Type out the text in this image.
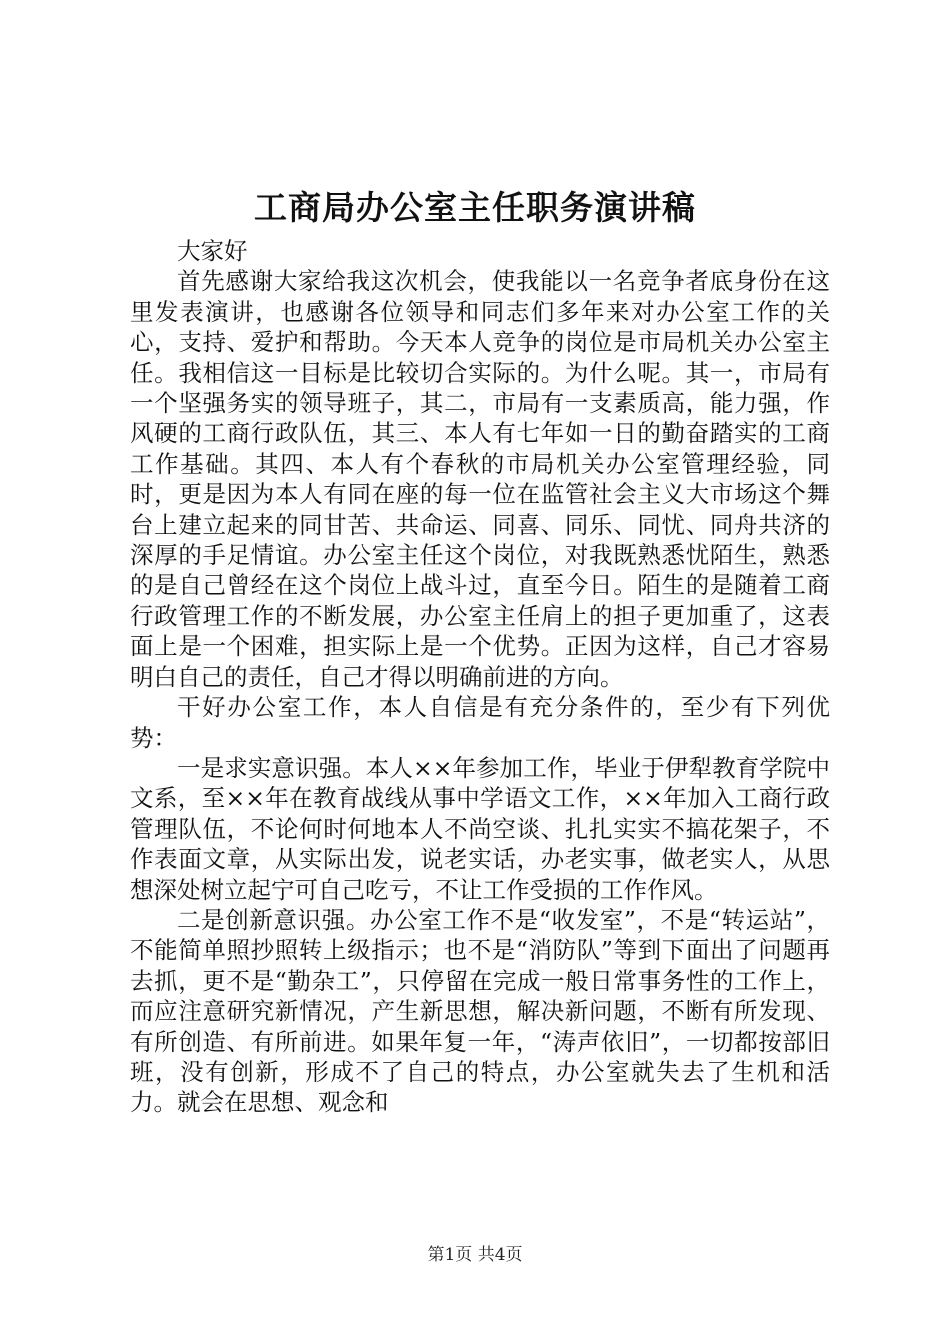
工商局办公室主任职务演讲稿

大家好

首先感谢大家给我这次机会，使我能以一名竞争者底身份在这里发表演讲，也感谢各位领导和同志们多年来对办公室工作的关心，支持、爱护和帮助。今天本人竞争的岗位是市局机关办公室主任。我相信这一目标是比较切合实际的。为什么呢。其一，市局有一个坚强务实的领导班子，其二，市局有一支素质高，能力强，作风硬的工商行政队伍，其三、本人有七年如一日的勤奋踏实的工商工作基础。其四、本人有个春秋的市局机关办公室管理经验，同时，更是因为本人有同在座的每一位在监管社会主义大市场这个舞台上建立起来的同甘苦、共命运、同喜、同乐、同忧、同舟共济的深厚的手足情谊。办公室主任这个岗位，对我既熟悉忧陌生，熟悉的是自己曾经在这个岗位上战斗过，直至今日。陌生的是随着工商行政管理工作的不断发展，办公室主任肩上的担子更加重了，这表面上是一个困难，担实际上是一个优势。正因为这样，自己才容易明白自己的责任，自己才得以明确前进的方向。

干好办公室工作，本人自信是有充分条件的，至少有下列优势：

一是求实意识强。本人××年参加工作，毕业于伊犁教育学院中文系，至××年在教育战线从事中学语文工作，××年加入工商行政管理队伍，不论何时何地本人不尚空谈、扎扎实实不搞花架子，不作表面文章，从实际出发，说老实话，办老实事，做老实人，从思想深处树立起宁可自己吃亏，不让工作受损的工作作风。

二是创新意识强。办公室工作不是“收发室”，不是“转运站”，不能简单照抄照转上级指示；也不是“消防队”等到下面出了问题再去抓，更不是“勤杂工”，只停留在完成一般日常事务性的工作上，而应注意研究新情况，产生新思想，解决新问题，不断有所发现、有所创造、有所前进。如果年复一年，“涛声依旧”，一切都按部旧班，没有创新，形成不了自己的特点，办公室就失去了生机和活力。就会在思想、观念和

第1页 共4页
